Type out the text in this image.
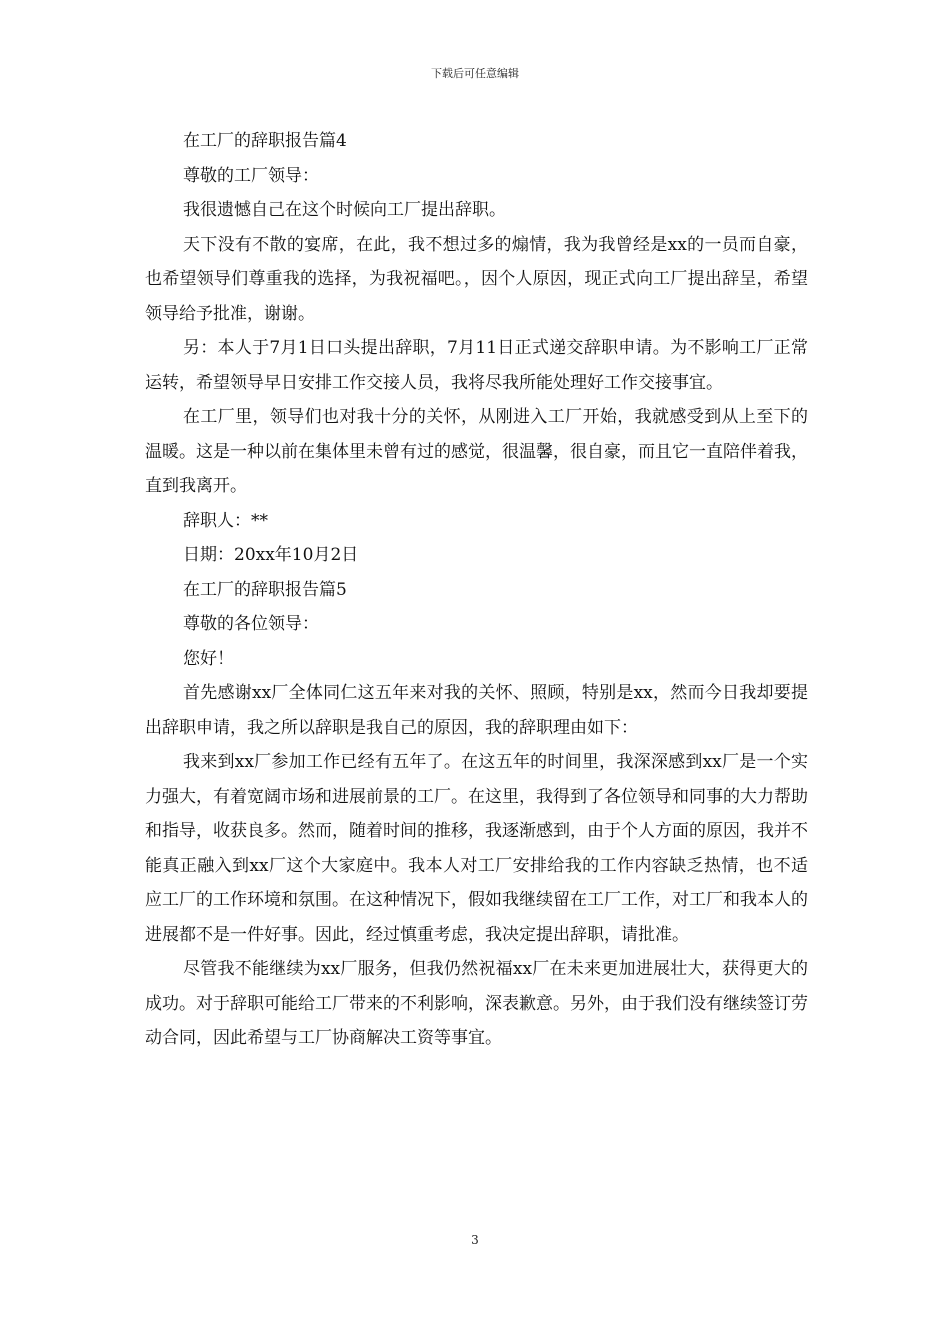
下载后可任意编辑

在工厂的辞职报告篇4

尊敬的工厂领导：

我很遗憾自己在这个时候向工厂提出辞职。

天下没有不散的宴席，在此，我不想过多的煽情，我为我曾经是xx的一员而自豪，也希望领导们尊重我的选择，为我祝福吧。，因个人原因，现正式向工厂提出辞呈，希望领导给予批准，谢谢。

另：本人于7月1日口头提出辞职，7月11日正式递交辞职申请。为不影响工厂正常运转，希望领导早日安排工作交接人员，我将尽我所能处理好工作交接事宜。

在工厂里，领导们也对我十分的关怀，从刚进入工厂开始，我就感受到从上至下的温暖。这是一种以前在集体里未曾有过的感觉，很温馨，很自豪，而且它一直陪伴着我，直到我离开。

辞职人：**

日期：20xx年10月2日

在工厂的辞职报告篇5

尊敬的各位领导：

您好！

首先感谢xx厂全体同仁这五年来对我的关怀、照顾，特别是xx，然而今日我却要提出辞职申请，我之所以辞职是我自己的原因，我的辞职理由如下：

我来到xx厂参加工作已经有五年了。在这五年的时间里，我深深感到xx厂是一个实力强大，有着宽阔市场和进展前景的工厂。在这里，我得到了各位领导和同事的大力帮助和指导，收获良多。然而，随着时间的推移，我逐渐感到，由于个人方面的原因，我并不能真正融入到xx厂这个大家庭中。我本人对工厂安排给我的工作内容缺乏热情，也不适应工厂的工作环境和氛围。在这种情况下，假如我继续留在工厂工作，对工厂和我本人的进展都不是一件好事。因此，经过慎重考虑，我决定提出辞职，请批准。

尽管我不能继续为xx厂服务，但我仍然祝福xx厂在未来更加进展壮大，获得更大的成功。对于辞职可能给工厂带来的不利影响，深表歉意。另外，由于我们没有继续签订劳动合同，因此希望与工厂协商解决工资等事宜。

3
